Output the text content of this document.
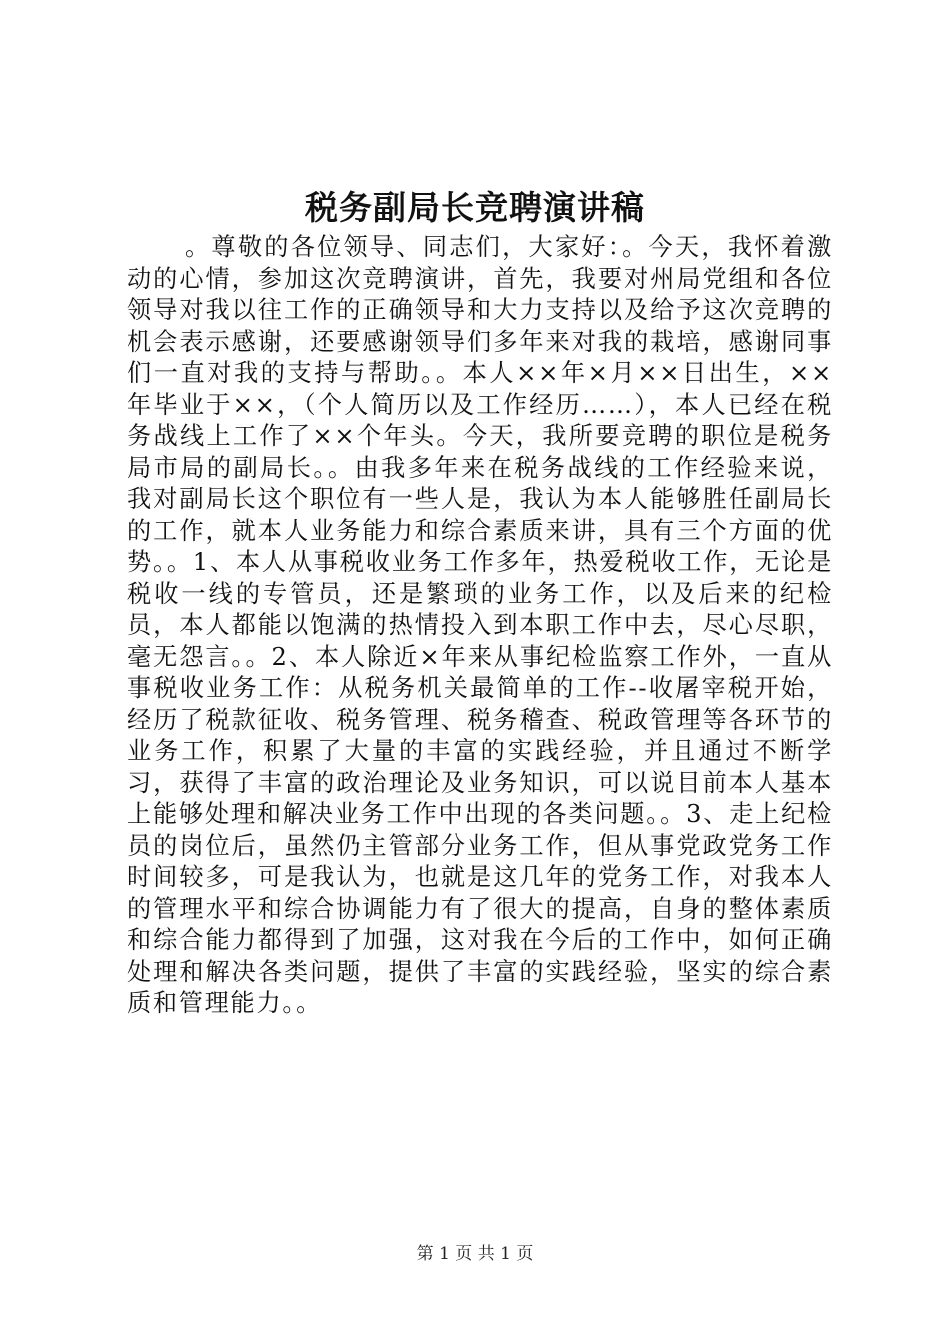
税务副局长竞聘演讲稿

。尊敬的各位领导、同志们，大家好：。今天，我怀着激动的心情，参加这次竞聘演讲，首先，我要对州局党组和各位领导对我以往工作的正确领导和大力支持以及给予这次竞聘的机会表示感谢，还要感谢领导们多年来对我的栽培，感谢同事们一直对我的支持与帮助。。本人××年×月××日出生，××年毕业于××，（个人简历以及工作经历……），本人已经在税务战线上工作了××个年头。今天，我所要竞聘的职位是税务局市局的副局长。。由我多年来在税务战线的工作经验来说，我对副局长这个职位有一些人是，我认为本人能够胜任副局长的工作，就本人业务能力和综合素质来讲，具有三个方面的优势。。1、本人从事税收业务工作多年，热爱税收工作，无论是税收一线的专管员，还是繁琐的业务工作，以及后来的纪检员，本人都能以饱满的热情投入到本职工作中去，尽心尽职，毫无怨言。。2、本人除近×年来从事纪检监察工作外，一直从事税收业务工作：从税务机关最简单的工作--收屠宰税开始，经历了税款征收、税务管理、税务稽查、税政管理等各环节的业务工作，积累了大量的丰富的实践经验，并且通过不断学习，获得了丰富的政治理论及业务知识，可以说目前本人基本上能够处理和解决业务工作中出现的各类问题。。3、走上纪检员的岗位后，虽然仍主管部分业务工作，但从事党政党务工作时间较多，可是我认为，也就是这几年的党务工作，对我本人的管理水平和综合协调能力有了很大的提高，自身的整体素质和综合能力都得到了加强，这对我在今后的工作中，如何正确处理和解决各类问题，提供了丰富的实践经验，坚实的综合素质和管理能力。。

第 1 页 共 1 页
